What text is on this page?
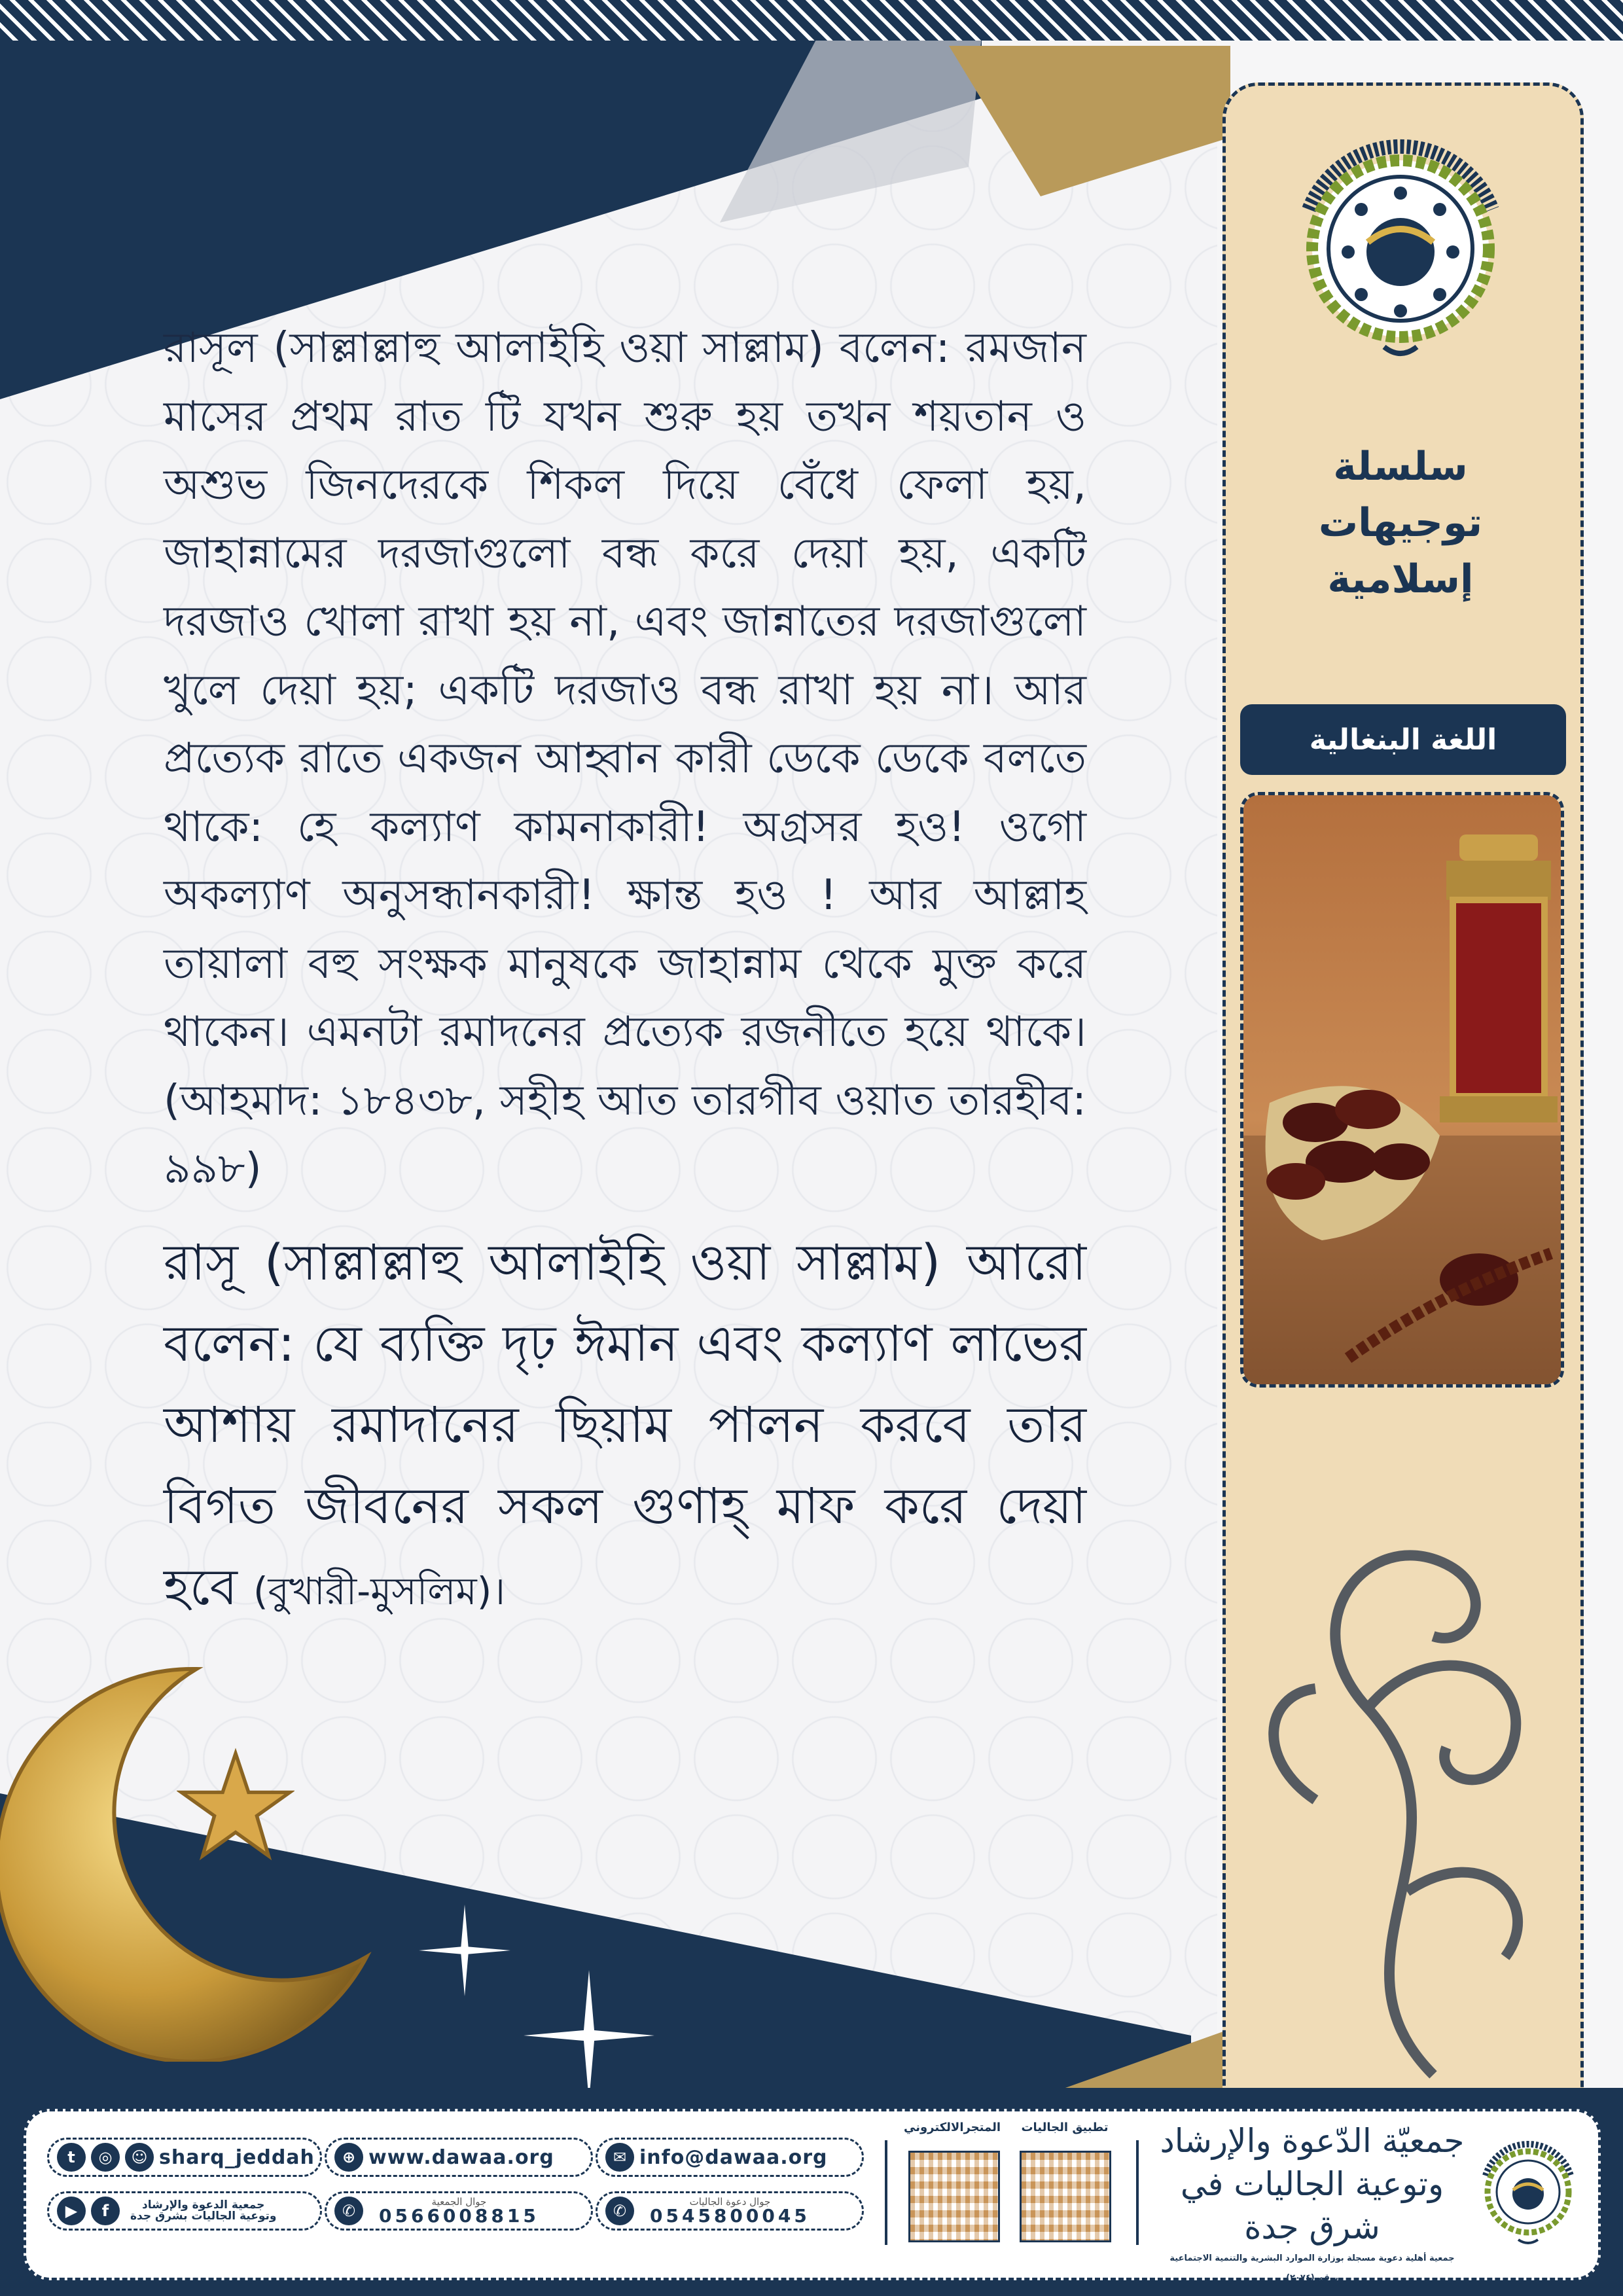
রাসূল (সাল্লাল্লাহু আলাইহি ওয়া সাল্লাম) বলেন: রমজান মাসের প্রথম রাত টি যখন শুরু হয় তখন শয়তান ও অশুভ জিনদেরকে শিকল দিয়ে বেঁধে ফেলা হয়, জাহান্নামের দরজাগুলো বন্ধ করে দেয়া হয়, একটি দরজাও খোলা রাখা হয় না, এবং জান্নাতের দরজাগুলো খুলে দেয়া হয়; একটি দরজাও বন্ধ রাখা হয় না। আর প্রত্যেক রাতে একজন আহ্বান কারী ডেকে ডেকে বলতে থাকে: হে কল্যাণ কামনাকারী! অগ্রসর হও! ওগো অকল্যাণ অনুসন্ধানকারী! ক্ষান্ত হও ! আর আল্লাহ তায়ালা বহু সংক্ষক মানুষকে জাহান্নাম থেকে মুক্ত করে থাকেন। এমনটা রমাদনের প্রত্যেক রজনীতে হয়ে থাকে। (আহমাদ: ১৮৪৩৮, সহীহ আত তারগীব ওয়াত তারহীব: ৯৯৮)

রাসূ (সাল্লাল্লাহু আলাইহি ওয়া সাল্লাম) আরো বলেন: যে ব্যক্তি দৃঢ় ঈমান এবং কল্যাণ লাভের আশায় রমাদানের ছিয়াম পালন করবে তার বিগত জীবনের সকল গুণাহ্ মাফ করে দেয়া হবে (বুখারী-মুসলিম)।

سلسلة
توجيهات
إسلامية
اللغة البنغالية
t	◎	☺ sharq_jeddah
▶	f	جمعية الدعوة والإرشاد
وتوعية الجاليات بشرق جدة
⊕ www.dawaa.org
✆
جوال الجمعية
0566008815
✉ info@dawaa.org
✆
جوال دعوة الجاليات
0545800045
المتجرالالكتروني	تطبيق الجاليات جمعيّة الدّعوة والإرشاد
وتوعية الجاليات في شرق جدة
جمعية أهلية دعوية مسجلة بوزارة الموارد البشرية والتنمية الاجتماعية برقم (٢٠٧٤)
